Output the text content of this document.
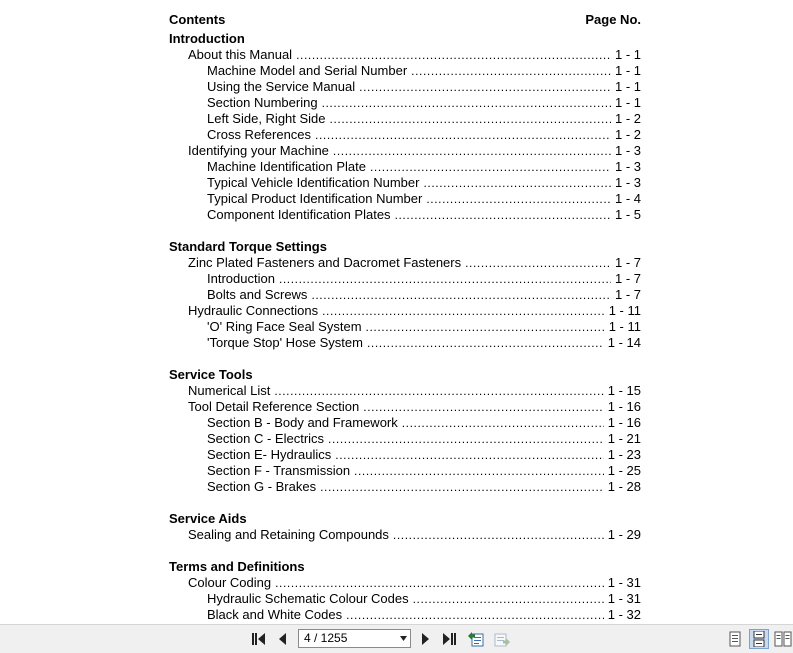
Contents	Page No.
Introduction
About this Manual .....	1 - 1
Machine Model and Serial Number .....	1 - 1
Using the Service Manual .....	1 - 1
Section Numbering .....	1 - 1
Left Side, Right Side .....	1 - 2
Cross References .....	1 - 2
Identifying your Machine .....	1 - 3
Machine Identification Plate .....	1 - 3
Typical Vehicle Identification Number .....	1 - 3
Typical Product Identification Number .....	1 - 4
Component Identification Plates .....	1 - 5
Standard Torque Settings
Zinc Plated Fasteners and Dacromet Fasteners .....	1 - 7
Introduction .....	1 - 7
Bolts and Screws .....	1 - 7
Hydraulic Connections .....	1 - 11
'O' Ring Face Seal System .....	1 - 11
'Torque Stop' Hose System .....	1 - 14
Service Tools
Numerical List .....	1 - 15
Tool Detail Reference Section .....	1 - 16
Section B - Body and Framework .....	1 - 16
Section C - Electrics .....	1 - 21
Section E- Hydraulics .....	1 - 23
Section F - Transmission .....	1 - 25
Section G - Brakes .....	1 - 28
Service Aids
Sealing and Retaining Compounds .....	1 - 29
Terms and Definitions
Colour Coding .....	1 - 31
Hydraulic Schematic Colour Codes .....	1 - 31
Black and White Codes .....	1 - 32
4 / 1255
